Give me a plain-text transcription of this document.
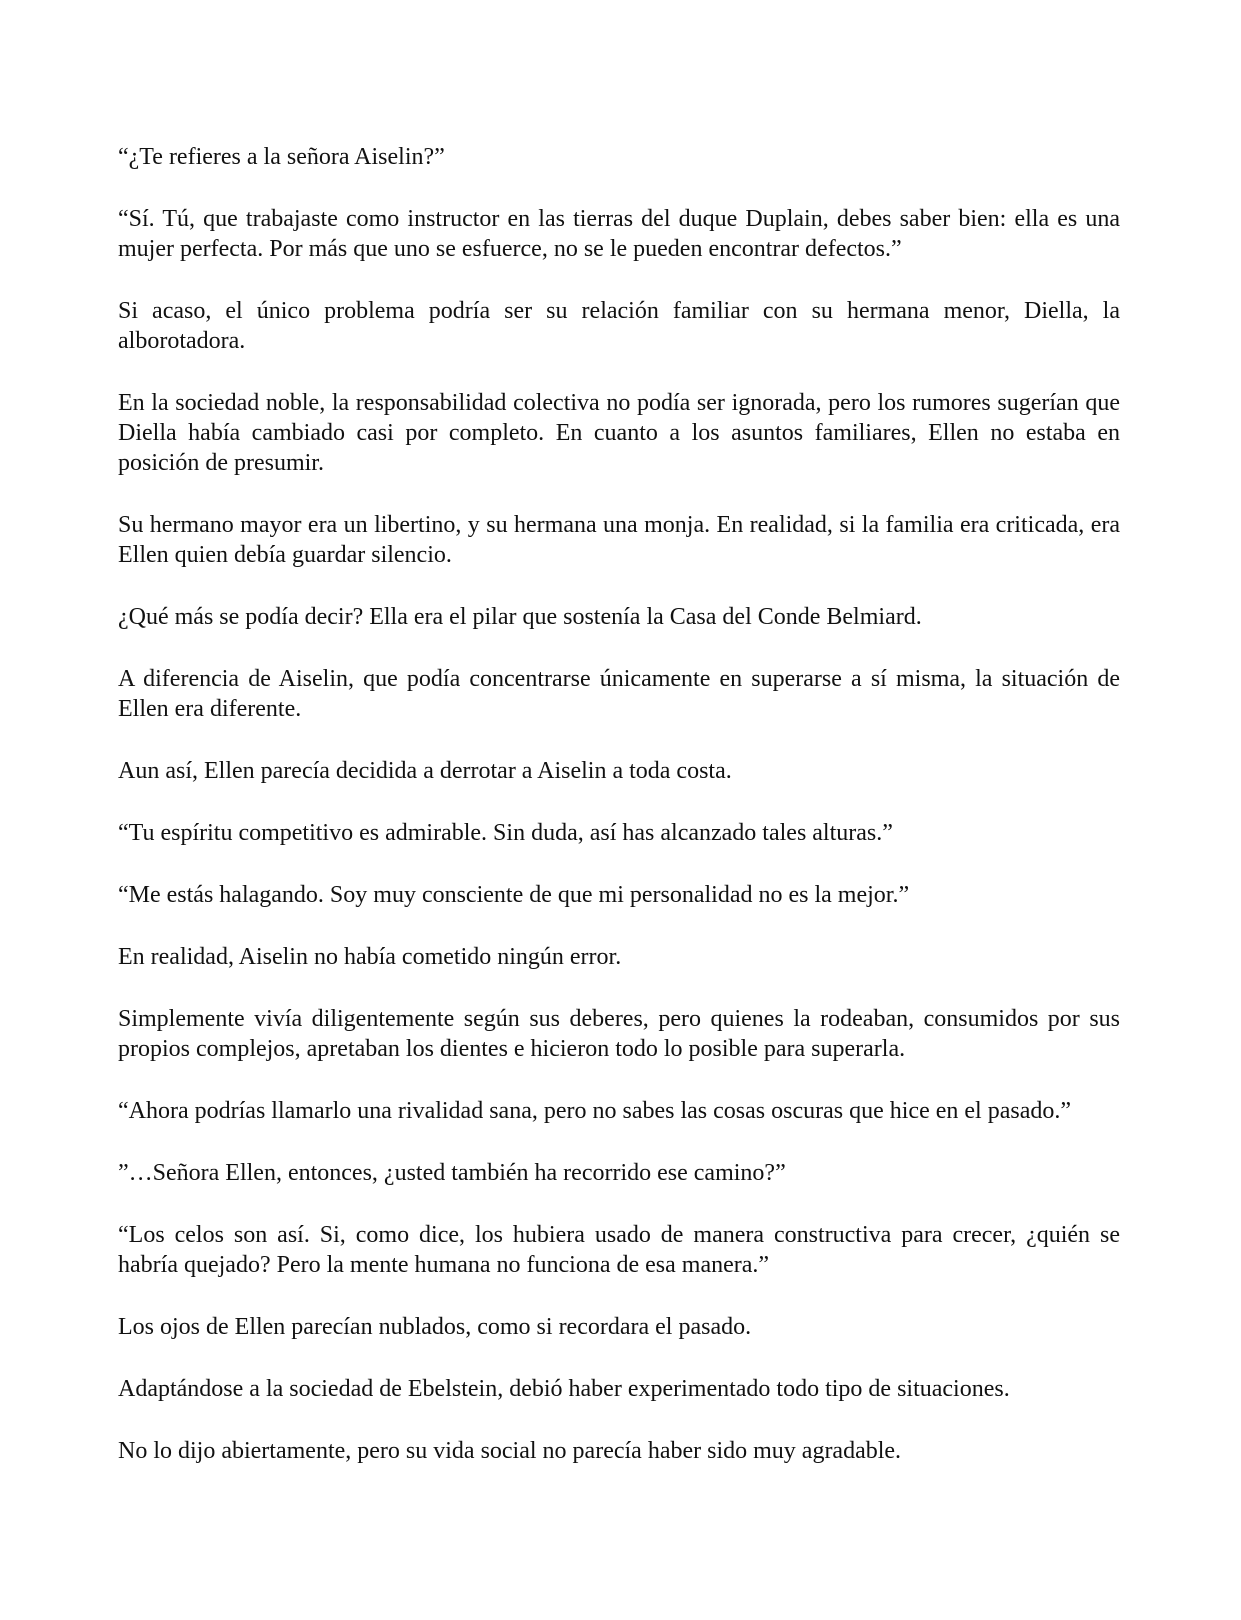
“¿Te refieres a la señora Aiselin?”

“Sí. Tú, que trabajaste como instructor en las tierras del duque Duplain, debes saber bien: ella es una mujer perfecta. Por más que uno se esfuerce, no se le pueden encontrar defectos.”

Si acaso, el único problema podría ser su relación familiar con su hermana menor, Diella, la alborotadora.

En la sociedad noble, la responsabilidad colectiva no podía ser ignorada, pero los rumores sugerían que Diella había cambiado casi por completo. En cuanto a los asuntos familiares, Ellen no estaba en posición de presumir.

Su hermano mayor era un libertino, y su hermana una monja. En realidad, si la familia era criticada, era Ellen quien debía guardar silencio.

¿Qué más se podía decir? Ella era el pilar que sostenía la Casa del Conde Belmiard.

A diferencia de Aiselin, que podía concentrarse únicamente en superarse a sí misma, la situación de Ellen era diferente.

Aun así, Ellen parecía decidida a derrotar a Aiselin a toda costa.

“Tu espíritu competitivo es admirable. Sin duda, así has alcanzado tales alturas.”

“Me estás halagando. Soy muy consciente de que mi personalidad no es la mejor.”

En realidad, Aiselin no había cometido ningún error.

Simplemente vivía diligentemente según sus deberes, pero quienes la rodeaban, consumidos por sus propios complejos, apretaban los dientes e hicieron todo lo posible para superarla.

“Ahora podrías llamarlo una rivalidad sana, pero no sabes las cosas oscuras que hice en el pasado.”

”…Señora Ellen, entonces, ¿usted también ha recorrido ese camino?”

“Los celos son así. Si, como dice, los hubiera usado de manera constructiva para crecer, ¿quién se habría quejado? Pero la mente humana no funciona de esa manera.”

Los ojos de Ellen parecían nublados, como si recordara el pasado.

Adaptándose a la sociedad de Ebelstein, debió haber experimentado todo tipo de situaciones.

No lo dijo abiertamente, pero su vida social no parecía haber sido muy agradable.
